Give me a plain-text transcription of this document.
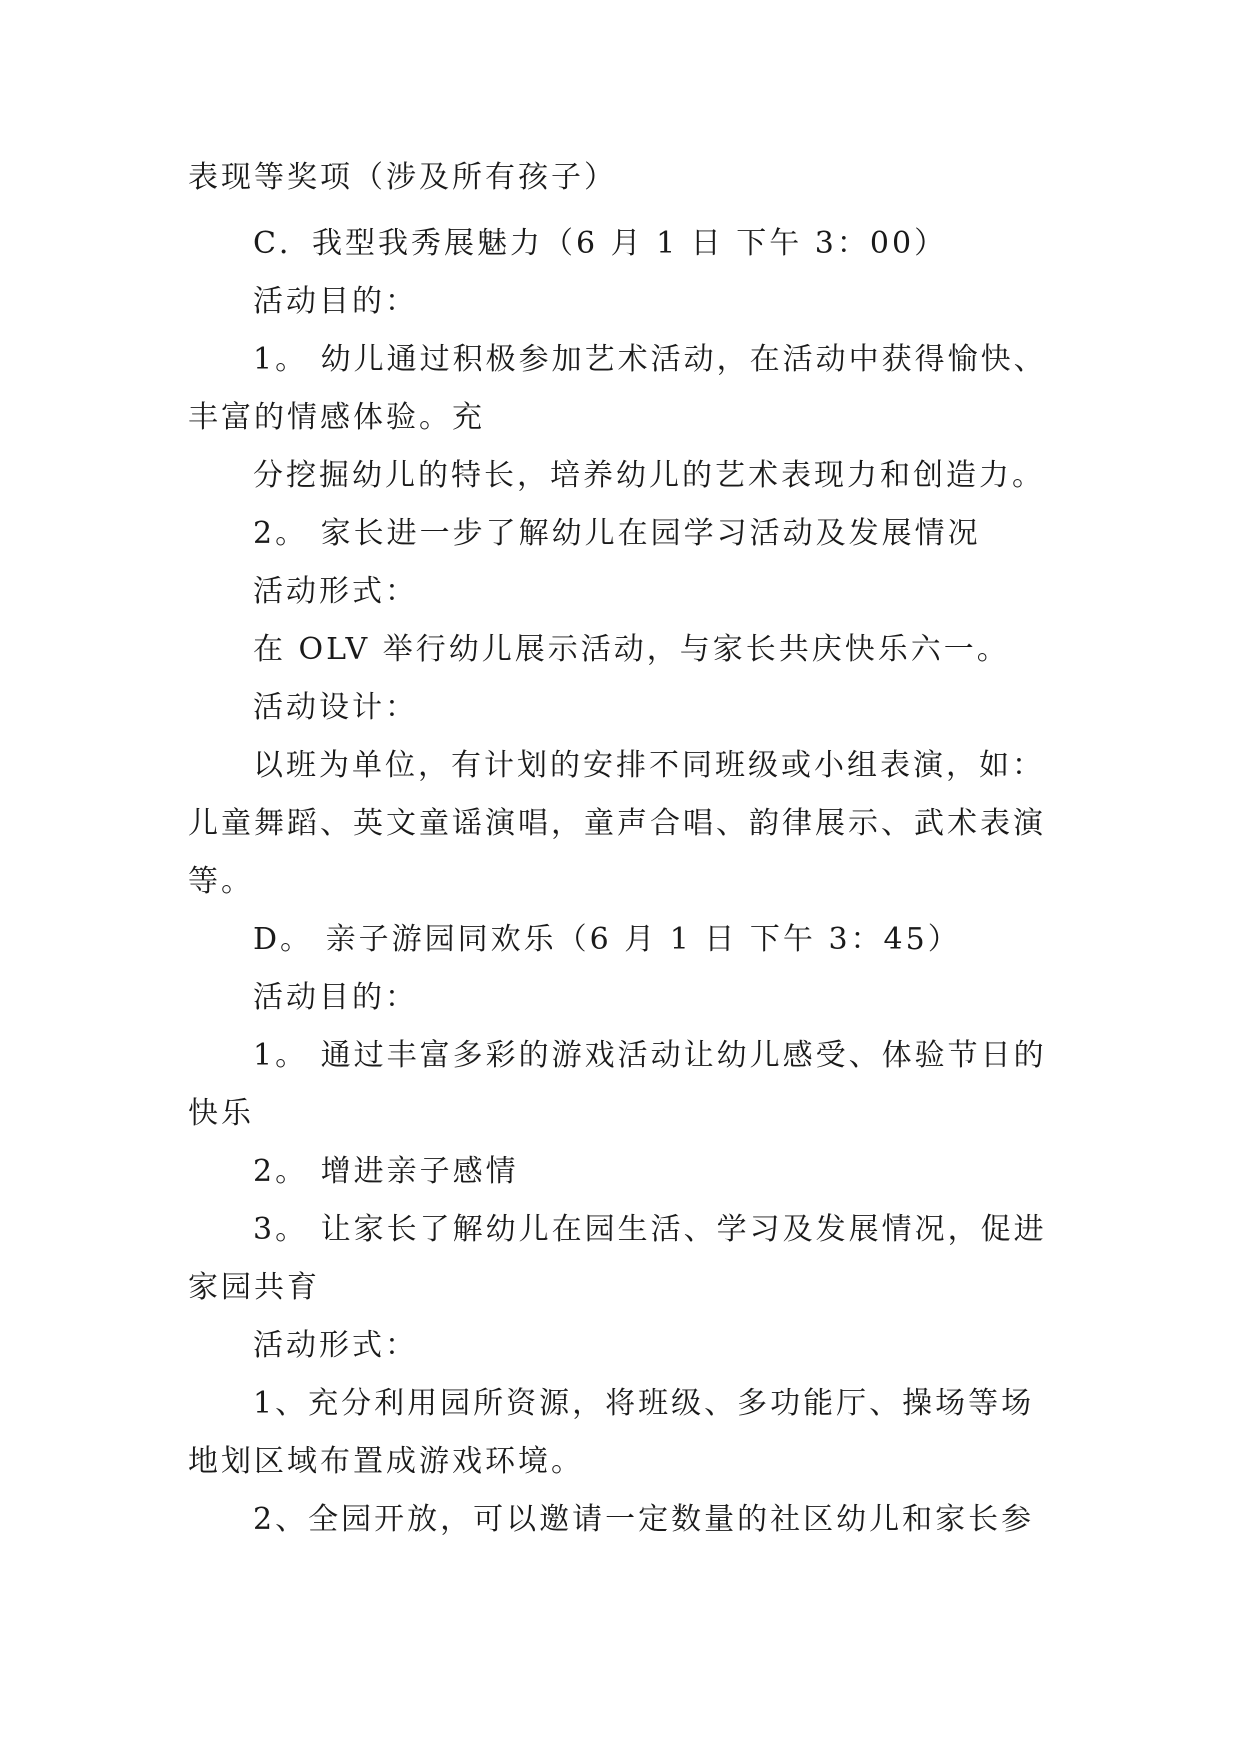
表现等奖项（涉及所有孩子）
C．我型我秀展魅力（6 月 1 日 下午 3：00）
活动目的：
1。 幼儿通过积极参加艺术活动，在活动中获得愉快、
丰富的情感体验。充
分挖掘幼儿的特长，培养幼儿的艺术表现力和创造力。
2。 家长进一步了解幼儿在园学习活动及发展情况
活动形式：
在 OLV 举行幼儿展示活动，与家长共庆快乐六一。
活动设计：
以班为单位，有计划的安排不同班级或小组表演，如：
儿童舞蹈、英文童谣演唱，童声合唱、韵律展示、武术表演
等。
D。 亲子游园同欢乐（6 月 1 日 下午 3：45）
活动目的：
1。 通过丰富多彩的游戏活动让幼儿感受、体验节日的
快乐
2。 增进亲子感情
3。 让家长了解幼儿在园生活、学习及发展情况，促进
家园共育
活动形式：
1、充分利用园所资源，将班级、多功能厅、操场等场
地划区域布置成游戏环境。
2、全园开放，可以邀请一定数量的社区幼儿和家长参
